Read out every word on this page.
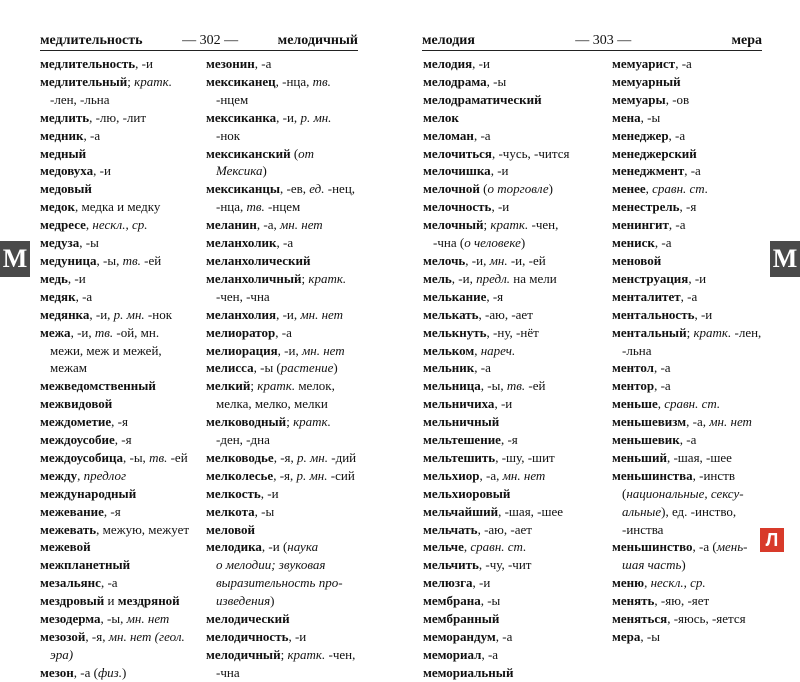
медлительность	— 302 —	мелодичный	мелодия	— 303 —	мера
медлительность, -и
медлительный; кратк.
-лен, -льна
медлить, -лю, -лит
медник, -а
медный
медовуха, -и
медовый
медок, медка и медку
медресе, нескл., ср.
медуза, -ы
медуница, -ы, тв. -ей
медь, -и
медяк, -а
медянка, -и, р. мн. -нок
межа, -и, тв. -ой, мн.
межи, меж и межей,
межам
межведомственный
межвидовой
междометие, -я
междоусобие, -я
междоусобица, -ы, тв. -ей
между, предлог
международный
межевание, -я
межевать, межую, межует
межевой
межпланетный
мезальянс, -а
мездровый и мездряной
мезодерма, -ы, мн. нет
мезозой, -я, мн. нет (геол.
эра)
мезон, -а (физ.)
мезонин, -а
мексиканец, -нца, тв.
-нцем
мексиканка, -и, р. мн.
-нок
мексиканский (от
Мексика)
мексиканцы, -ев, ед. -нец,
-нца, тв. -нцем
меланин, -а, мн. нет
меланхолик, -а
меланхолический
меланхоличный; кратк.
-чен, -чна
меланхолия, -и, мн. нет
мелиоратор, -а
мелиорация, -и, мн. нет
мелисса, -ы (растение)
мелкий; кратк. мелок,
мелка, мелко, мелки
мелководный; кратк.
-ден, -дна
мелководье, -я, р. мн. -дий
мелколесье, -я, р. мн. -сий
мелкость, -и
мелкота, -ы
меловой
мелодика, -и (наука
о мелодии; звуковая
выразительность про-
изведения)
мелодический
мелодичность, -и
мелодичный; кратк. -чен,
-чна
мелодия, -и
мелодрама, -ы
мелодраматический
мелок
меломан, -а
мелочиться, -чусь, -чится
мелочишка, -и
мелочной (о торговле)
мелочность, -и
мелочный; кратк. -чен,
-чна (о человеке)
мелочь, -и, мн. -и, -ей
мель, -и, предл. на мели
мелькание, -я
мелькать, -аю, -ает
мелькнуть, -ну, -нёт
мельком, нареч.
мельник, -а
мельница, -ы, тв. -ей
мельничиха, -и
мельничный
мельтешение, -я
мельтешить, -шу, -шит
мельхиор, -а, мн. нет
мельхиоровый
мельчайший, -шая, -шее
мельчать, -аю, -ает
мельче, сравн. ст.
мельчить, -чу, -чит
мелюзга, -и
мембрана, -ы
мембранный
меморандум, -а
мемориал, -а
мемориальный
мемуарист, -а
мемуарный
мемуары, -ов
мена, -ы
менеджер, -а
менеджерский
менеджмент, -а
менее, сравн. ст.
менестрель, -я
менингит, -а
мениск, -а
меновой
менструация, -и
менталитет, -а
ментальность, -и
ментальный; кратк. -лен,
-льна
ментол, -а
ментор, -а
меньше, сравн. ст.
меньшевизм, -а, мн. нет
меньшевик, -а
меньший, -шая, -шее
меньшинства, -инств
(национальные, сексу-
альные), ед. -инство,
-инства
меньшинство, -а (мень-
шая часть)
меню, нескл., ср.
менять, -яю, -яет
меняться, -яюсь, -яется
мера, -ы
М	М
Л
